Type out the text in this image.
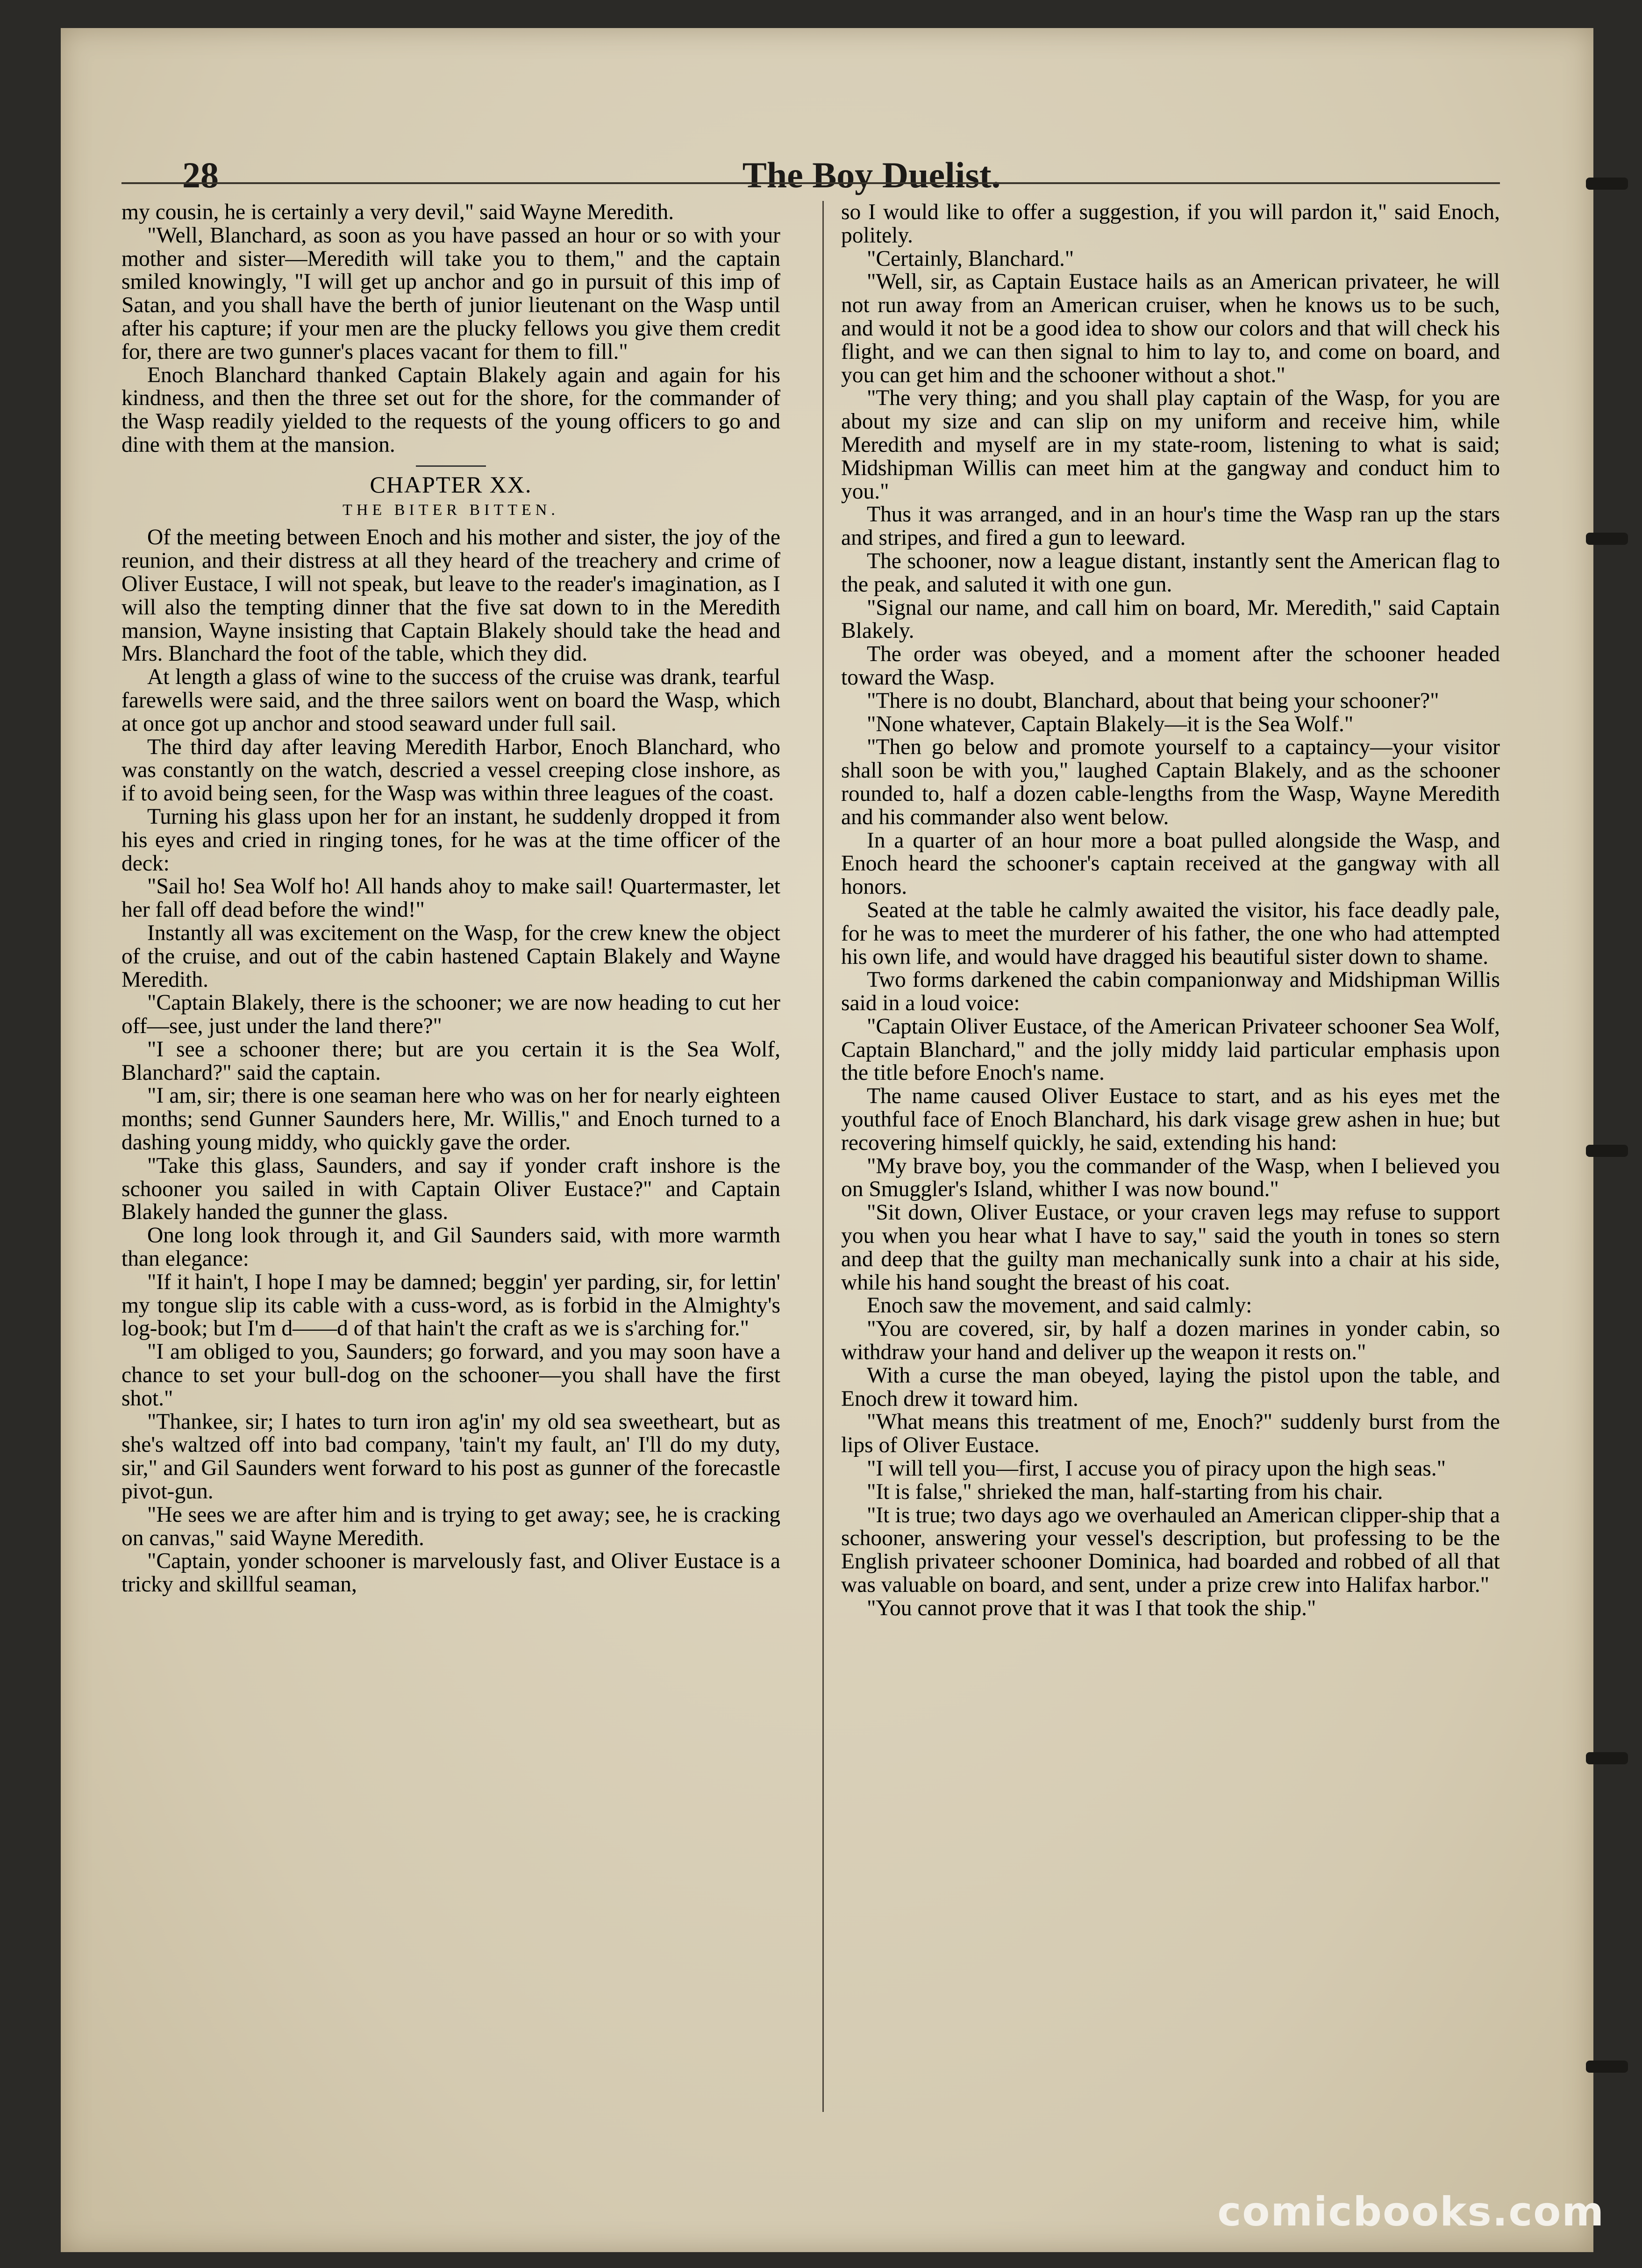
28	The Boy Duelist.

my cousin, he is certainly a very devil," said Wayne Meredith.

"Well, Blanchard, as soon as you have passed an hour or so with your mother and sister—Meredith will take you to them," and the captain smiled knowingly, "I will get up anchor and go in pursuit of this imp of Satan, and you shall have the berth of junior lieutenant on the Wasp until after his capture; if your men are the plucky fellows you give them credit for, there are two gunner's places vacant for them to fill."

Enoch Blanchard thanked Captain Blakely again and again for his kindness, and then the three set out for the shore, for the commander of the Wasp readily yielded to the requests of the young officers to go and dine with them at the mansion.

CHAPTER XX.

THE BITER BITTEN.

Of the meeting between Enoch and his mother and sister, the joy of the reunion, and their distress at all they heard of the treachery and crime of Oliver Eustace, I will not speak, but leave to the reader's imagination, as I will also the tempting dinner that the five sat down to in the Meredith mansion, Wayne insisting that Captain Blakely should take the head and Mrs. Blanchard the foot of the table, which they did.

At length a glass of wine to the success of the cruise was drank, tearful farewells were said, and the three sailors went on board the Wasp, which at once got up anchor and stood seaward under full sail.

The third day after leaving Meredith Harbor, Enoch Blanchard, who was constantly on the watch, descried a vessel creeping close inshore, as if to avoid being seen, for the Wasp was within three leagues of the coast.

Turning his glass upon her for an instant, he suddenly dropped it from his eyes and cried in ringing tones, for he was at the time officer of the deck:

"Sail ho! Sea Wolf ho! All hands ahoy to make sail! Quartermaster, let her fall off dead before the wind!"

Instantly all was excitement on the Wasp, for the crew knew the object of the cruise, and out of the cabin hastened Captain Blakely and Wayne Meredith.

"Captain Blakely, there is the schooner; we are now heading to cut her off—see, just under the land there?"

"I see a schooner there; but are you certain it is the Sea Wolf, Blanchard?" said the captain.

"I am, sir; there is one seaman here who was on her for nearly eighteen months; send Gunner Saunders here, Mr. Willis," and Enoch turned to a dashing young middy, who quickly gave the order.

"Take this glass, Saunders, and say if yonder craft inshore is the schooner you sailed in with Captain Oliver Eustace?" and Captain Blakely handed the gunner the glass.

One long look through it, and Gil Saunders said, with more warmth than elegance:

"If it hain't, I hope I may be damned; beggin' yer parding, sir, for lettin' my tongue slip its cable with a cuss-word, as is forbid in the Almighty's log-book; but I'm d——d of that hain't the craft as we is s'arching for."

"I am obliged to you, Saunders; go forward, and you may soon have a chance to set your bull-dog on the schooner—you shall have the first shot."

"Thankee, sir; I hates to turn iron ag'in' my old sea sweetheart, but as she's waltzed off into bad company, 'tain't my fault, an' I'll do my duty, sir," and Gil Saunders went forward to his post as gunner of the forecastle pivot-gun.

"He sees we are after him and is trying to get away; see, he is cracking on canvas," said Wayne Meredith.

"Captain, yonder schooner is marvelously fast, and Oliver Eustace is a tricky and skillful seaman,

so I would like to offer a suggestion, if you will pardon it," said Enoch, politely.

"Certainly, Blanchard."

"Well, sir, as Captain Eustace hails as an American privateer, he will not run away from an American cruiser, when he knows us to be such, and would it not be a good idea to show our colors and that will check his flight, and we can then signal to him to lay to, and come on board, and you can get him and the schooner without a shot."

"The very thing; and you shall play captain of the Wasp, for you are about my size and can slip on my uniform and receive him, while Meredith and myself are in my state-room, listening to what is said; Midshipman Willis can meet him at the gangway and conduct him to you."

Thus it was arranged, and in an hour's time the Wasp ran up the stars and stripes, and fired a gun to leeward.

The schooner, now a league distant, instantly sent the American flag to the peak, and saluted it with one gun.

"Signal our name, and call him on board, Mr. Meredith," said Captain Blakely.

The order was obeyed, and a moment after the schooner headed toward the Wasp.

"There is no doubt, Blanchard, about that being your schooner?"

"None whatever, Captain Blakely—it is the Sea Wolf."

"Then go below and promote yourself to a captaincy—your visitor shall soon be with you," laughed Captain Blakely, and as the schooner rounded to, half a dozen cable-lengths from the Wasp, Wayne Meredith and his commander also went below.

In a quarter of an hour more a boat pulled alongside the Wasp, and Enoch heard the schooner's captain received at the gangway with all honors.

Seated at the table he calmly awaited the visitor, his face deadly pale, for he was to meet the murderer of his father, the one who had attempted his own life, and would have dragged his beautiful sister down to shame.

Two forms darkened the cabin companionway and Midshipman Willis said in a loud voice:

"Captain Oliver Eustace, of the American Privateer schooner Sea Wolf, Captain Blanchard," and the jolly middy laid particular emphasis upon the title before Enoch's name.

The name caused Oliver Eustace to start, and as his eyes met the youthful face of Enoch Blanchard, his dark visage grew ashen in hue; but recovering himself quickly, he said, extending his hand:

"My brave boy, you the commander of the Wasp, when I believed you on Smuggler's Island, whither I was now bound."

"Sit down, Oliver Eustace, or your craven legs may refuse to support you when you hear what I have to say," said the youth in tones so stern and deep that the guilty man mechanically sunk into a chair at his side, while his hand sought the breast of his coat.

Enoch saw the movement, and said calmly:

"You are covered, sir, by half a dozen marines in yonder cabin, so withdraw your hand and deliver up the weapon it rests on."

With a curse the man obeyed, laying the pistol upon the table, and Enoch drew it toward him.

"What means this treatment of me, Enoch?" suddenly burst from the lips of Oliver Eustace.

"I will tell you—first, I accuse you of piracy upon the high seas."

"It is false," shrieked the man, half-starting from his chair.

"It is true; two days ago we overhauled an American clipper-ship that a schooner, answering your vessel's description, but professing to be the English privateer schooner Dominica, had boarded and robbed of all that was valuable on board, and sent, under a prize crew into Halifax harbor."

"You cannot prove that it was I that took the ship."

comicbooks.com
